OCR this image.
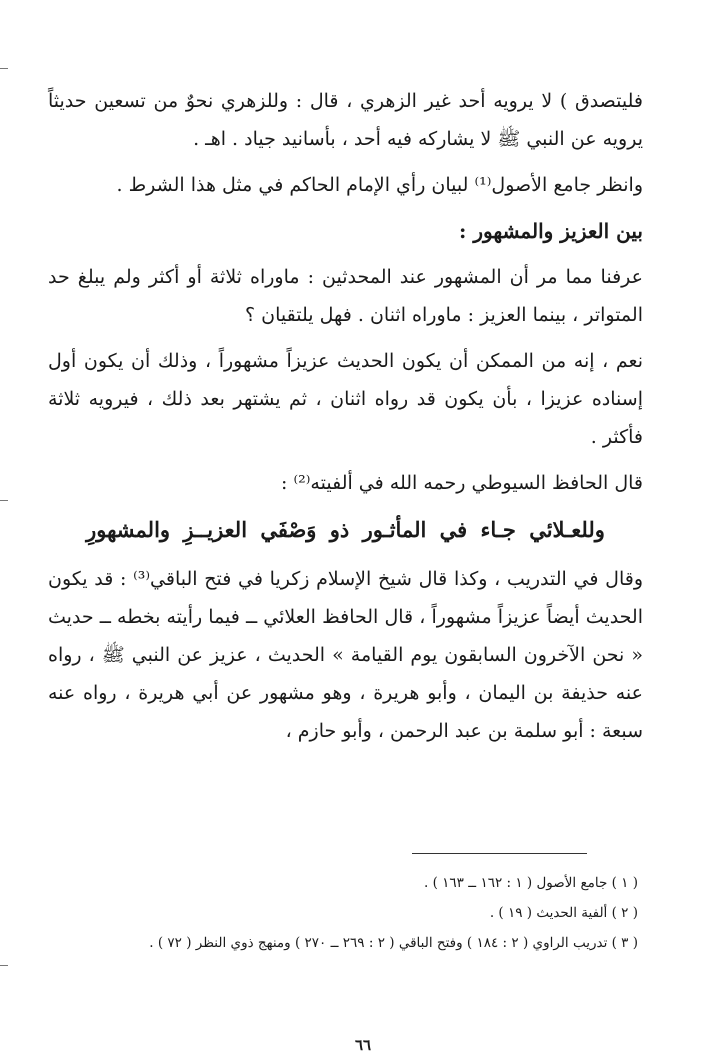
فليتصدق ) لا يرويه أحد غير الزهري ، قال : وللزهري نحوٌ من تسعين حديثاً يرويه عن النبي ﷺ لا يشاركه فيه أحد ، بأسانيد جياد . اهـ .

وانظر جامع الأصول⁽¹⁾ لبيان رأي الإمام الحاكم في مثل هذا الشرط .

بين العزيز والمشهور :

عرفنا مما مر أن المشهور عند المحدثين : ماوراه ثلاثة أو أكثر ولم يبلغ حد المتواتر ، بينما العزيز : ماوراه اثنان . فهل يلتقيان ؟

نعم ، إنه من الممكن أن يكون الحديث عزيزاً مشهوراً ، وذلك أن يكون أول إسناده عزيزا ، بأن يكون قد رواه اثنان ، ثم يشتهر بعد ذلك ، فيرويه ثلاثة فأكثر .

قال الحافظ السيوطي رحمه الله في ألفيته⁽²⁾ :

وللعـلائي جـاء في المأثـور ذو وَصْفَي العزيــزِ والمشهورِ

وقال في التدريب ، وكذا قال شيخ الإسلام زكريا في فتح الباقي⁽³⁾ : قد يكون الحديث أيضاً عزيزاً مشهوراً ، قال الحافظ العلائي ــ فيما رأيته بخطه ــ حديث « نحن الآخرون السابقون يوم القيامة » الحديث ، عزيز عن النبي ﷺ ، رواه عنه حذيفة بن اليمان ، وأبو هريرة ، وهو مشهور عن أبي هريرة ، رواه عنه سبعة : أبو سلمة بن عبد الرحمن ، وأبو حازم ،

( ١ ) جامع الأصول ( ١ : ١٦٢ ــ ١٦٣ ) .

( ٢ ) ألفية الحديث ( ١٩ ) .

( ٣ ) تدريب الراوي ( ٢ : ١٨٤ ) وفتح الباقي ( ٢ : ٢٦٩ ــ ٢٧٠ ) ومنهج ذوي النظر ( ٧٢ ) .

٦٦
